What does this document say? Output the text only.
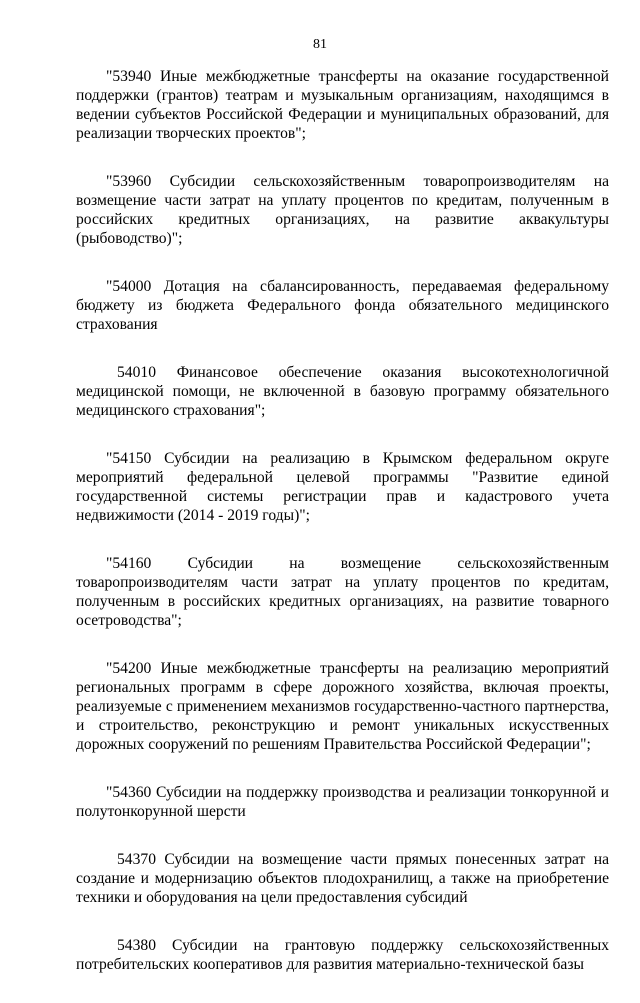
81

"53940 Иные межбюджетные трансферты на оказание государственной поддержки (грантов) театрам и музыкальным организациям, находящимся в ведении субъектов Российской Федерации и муниципальных образований, для реализации творческих проектов";

"53960 Субсидии сельскохозяйственным товаропроизводителям на возмещение части затрат на уплату процентов по кредитам, полученным в российских кредитных организациях, на развитие аквакультуры (рыбоводство)";

"54000 Дотация на сбалансированность, передаваемая федеральному бюджету из бюджета Федерального фонда обязательного медицинского страхования

54010 Финансовое обеспечение оказания высокотехнологичной медицинской помощи, не включенной в базовую программу обязательного медицинского страхования";

"54150 Субсидии на реализацию в Крымском федеральном округе мероприятий федеральной целевой программы "Развитие единой государственной системы регистрации прав и кадастрового учета недвижимости (2014 - 2019 годы)";

"54160 Субсидии на возмещение сельскохозяйственным товаропроизводителям части затрат на уплату процентов по кредитам, полученным в российских кредитных организациях, на развитие товарного осетроводства";

"54200 Иные межбюджетные трансферты на реализацию мероприятий региональных программ в сфере дорожного хозяйства, включая проекты, реализуемые с применением механизмов государственно-частного партнерства, и строительство, реконструкцию и ремонт уникальных искусственных дорожных сооружений по решениям Правительства Российской Федерации";

"54360 Субсидии на поддержку производства и реализации тонкорунной и полутонкорунной шерсти

54370 Субсидии на возмещение части прямых понесенных затрат на создание и модернизацию объектов плодохранилищ, а также на приобретение техники и оборудования на цели предоставления субсидий

54380 Субсидии на грантовую поддержку сельскохозяйственных потребительских кооперативов для развития материально-технической базы
